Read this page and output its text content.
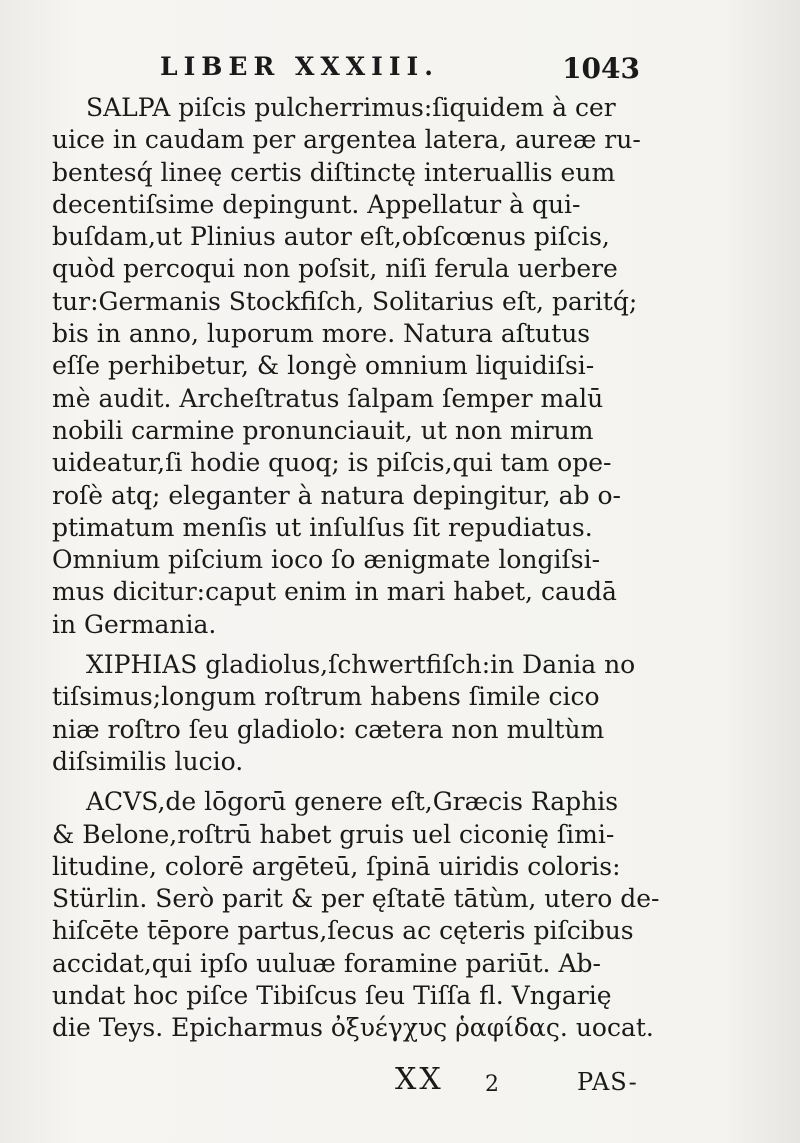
LIBER XXXIII.	1043
SALPA piſcis pulcherrimus:ſiquidem à cer
uice in caudam per argentea latera, aureæ ru-
bentesq́ lineę certis diſtinctę interuallis eum
decentiſsime depingunt. Appellatur à qui-
buſdam,ut Plinius autor eſt,obſcœnus piſcis,
quòd percoqui non poſsit, niſi ferula uerbere
tur:Germanis Stockfiſch, Solitarius eſt, paritq́;
bis in anno, luporum more. Natura aſtutus
eſſe perhibetur, & longè omnium liquidiſsi-
mè audit. Archeſtratus ſalpam ſemper malū
nobili carmine pronunciauit, ut non mirum
uideatur,ſi hodie quoq; is piſcis,qui tam ope-
roſè atq; eleganter à natura depingitur, ab o-
ptimatum menſis ut inſulſus ſit repudiatus.
Omnium piſcium ioco ſo ænigmate longiſsi-
mus dicitur:caput enim in mari habet, caudā
in Germania.
XIPHIAS gladiolus,ſchwertfiſch:in Dania no
tiſsimus;longum roſtrum habens ſimile cico
niæ roſtro ſeu gladiolo: cætera non multùm
diſsimilis lucio.
ACVS,de lōgorū genere eſt,Græcis Raphis
& Belone,roſtrū habet gruis uel ciconię ſimi-
litudine, colorē argēteū, ſpinā uiridis coloris:
Stürlin. Serò parit & per ęſtatē tātùm, utero de-
hiſcēte tēpore partus,ſecus ac cęteris piſcibus
accidat,qui ipſo uuluæ foramine pariūt. Ab-
undat hoc piſce Tibiſcus ſeu Tiſſa fl. Vngarię
die Teys. Epicharmus ὀξυέγχυς ῥαφίδας. uocat.
XX 2	PAS-
